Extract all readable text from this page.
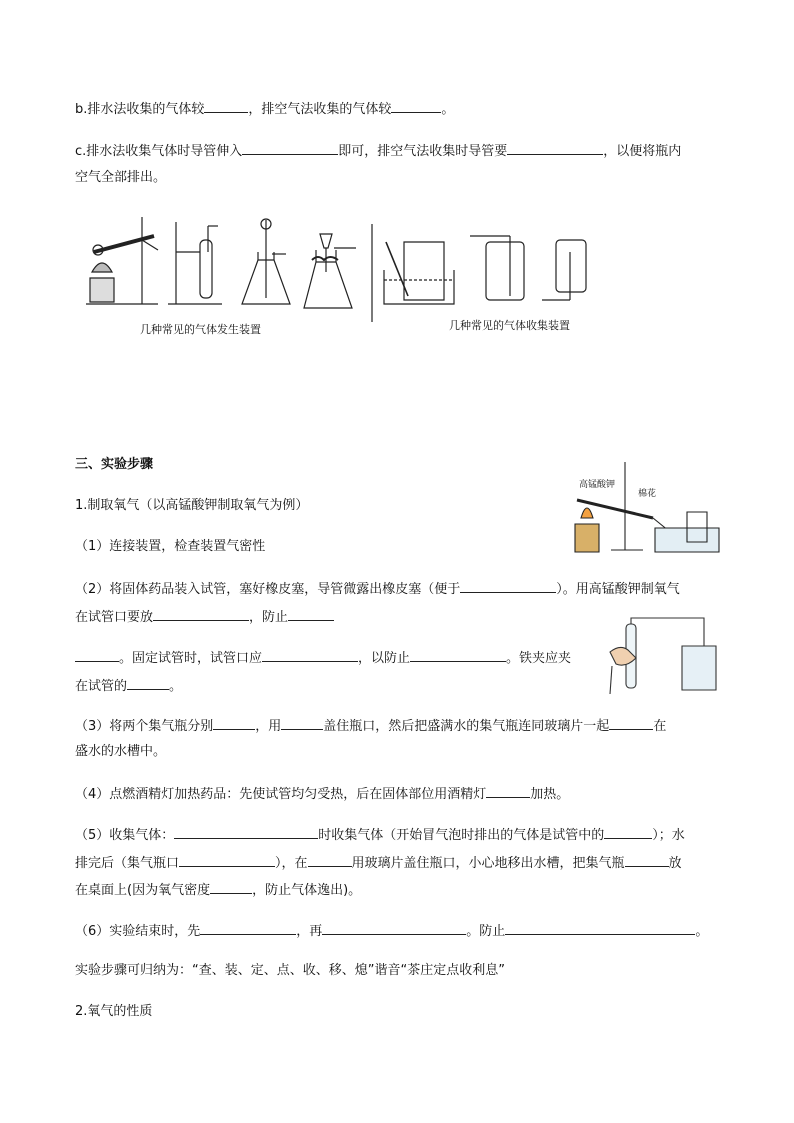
b.排水法收集的气体较	，排空气法收集的气体较	。
c.排水法收集气体时导管伸入	即可，排空气法收集时导管要	，以便将瓶内
空气全部排出。
几种常见的气体发生装置	几种常见的气体收集装置
三、实验步骤
1.制取氧气（以高锰酸钾制取氧气为例）
（1）连接装置，检查装置气密性
高锰酸钾
棉花
（2）将固体药品装入试管，塞好橡皮塞，导管微露出橡皮塞（便于	）。用高锰酸钾制氧气
在试管口要放	，防止
。固定试管时，试管口应	，以防止	。铁夹应夹
在试管的	。
（3）将两个集气瓶分别	，用	盖住瓶口，然后把盛满水的集气瓶连同玻璃片一起	在
盛水的水槽中。
（4）点燃酒精灯加热药品：先使试管均匀受热，后在固体部位用酒精灯	加热。
（5）收集气体：	时收集气体（开始冒气泡时排出的气体是试管中的	）；水
排完后（集气瓶口	），在	用玻璃片盖住瓶口，小心地移出水槽，把集气瓶	放
在桌面上(因为氧气密度	，防止气体逸出)。
（6）实验结束时，先	，再	。防止	。
实验步骤可归纳为：“查、装、定、点、收、移、熄”谐音“茶庄定点收利息”
2.氧气的性质
